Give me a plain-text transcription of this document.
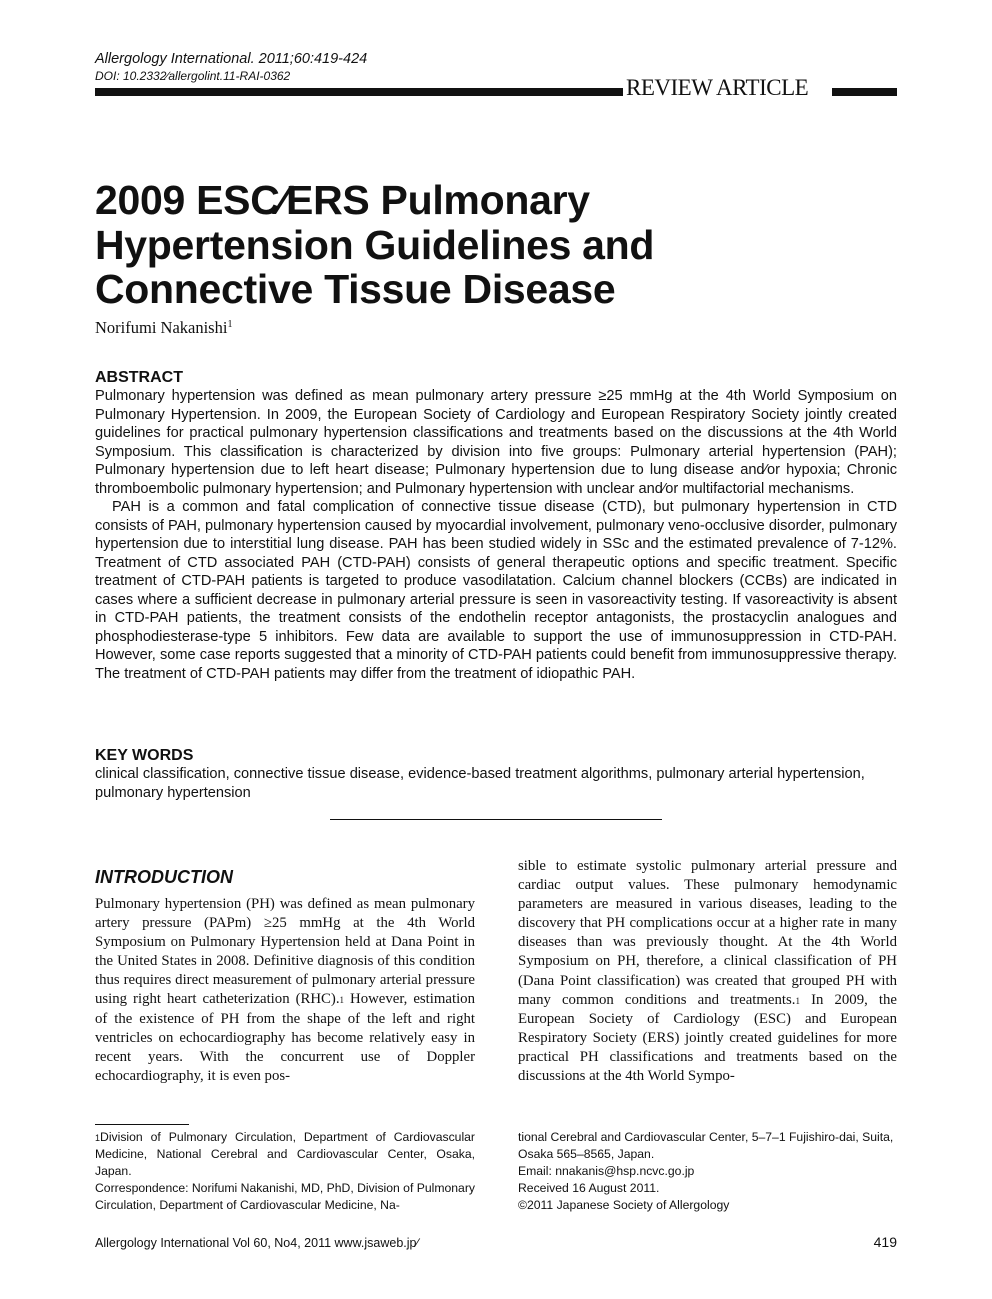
Allergology International. 2011;60:419-424
DOI: 10.2332∕allergolint.11-RAI-0362	REVIEW ARTICLE
2009 ESC∕ERS Pulmonary Hypertension Guidelines and Connective Tissue Disease
Norifumi Nakanishi$^1$
ABSTRACT

Pulmonary hypertension was defined as mean pulmonary artery pressure ≥25 mmHg at the 4th World Symposium on Pulmonary Hypertension. In 2009, the European Society of Cardiology and European Respiratory Society jointly created guidelines for practical pulmonary hypertension classifications and treatments based on the discussions at the 4th World Symposium. This classification is characterized by division into five groups: Pulmonary arterial hypertension (PAH); Pulmonary hypertension due to left heart disease; Pulmonary hypertension due to lung disease and∕or hypoxia; Chronic thromboembolic pulmonary hypertension; and Pulmonary hypertension with unclear and∕or multifactorial mechanisms.

PAH is a common and fatal complication of connective tissue disease (CTD), but pulmonary hypertension in CTD consists of PAH, pulmonary hypertension caused by myocardial involvement, pulmonary veno-occlusive disorder, pulmonary hypertension due to interstitial lung disease. PAH has been studied widely in SSc and the estimated prevalence of 7-12%. Treatment of CTD associated PAH (CTD-PAH) consists of general therapeutic options and specific treatment. Specific treatment of CTD-PAH patients is targeted to produce vasodilatation. Calcium channel blockers (CCBs) are indicated in cases where a sufficient decrease in pulmonary arterial pressure is seen in vasoreactivity testing. If vasoreactivity is absent in CTD-PAH patients, the treatment consists of the endothelin receptor antagonists, the prostacyclin analogues and phosphodiesterase-type 5 inhibitors. Few data are available to support the use of immunosuppression in CTD-PAH. However, some case reports suggested that a minority of CTD-PAH patients could benefit from immunosuppressive therapy. The treatment of CTD-PAH patients may differ from the treatment of idiopathic PAH.

KEY WORDS
clinical classification, connective tissue disease, evidence-based treatment algorithms, pulmonary arterial hypertension, pulmonary hypertension
INTRODUCTION

Pulmonary hypertension (PH) was defined as mean pulmonary artery pressure (PAPm) ≥25 mmHg at the 4th World Symposium on Pulmonary Hypertension held at Dana Point in the United States in 2008. Definitive diagnosis of this condition thus requires direct measurement of pulmonary arterial pressure using right heart catheterization (RHC).$^1$ However, estimation of the existence of PH from the shape of the left and right ventricles on echocardiography has become relatively easy in recent years. With the concurrent use of Doppler echocardiography, it is even pos-

sible to estimate systolic pulmonary arterial pressure and cardiac output values. These pulmonary hemodynamic parameters are measured in various diseases, leading to the discovery that PH complications occur at a higher rate in many diseases than was previously thought. At the 4th World Symposium on PH, therefore, a clinical classification of PH (Dana Point classification) was created that grouped PH with many common conditions and treatments.$^1$ In 2009, the European Society of Cardiology (ESC) and European Respiratory Society (ERS) jointly created guidelines for more practical PH classifications and treatments based on the discussions at the 4th World Sympo-

$^1$Division of Pulmonary Circulation, Department of Cardiovascular Medicine, National Cerebral and Cardiovascular Center, Osaka, Japan.

Correspondence: Norifumi Nakanishi, MD, PhD, Division of Pulmonary Circulation, Department of Cardiovascular Medicine, Na-

tional Cerebral and Cardiovascular Center, 5–7–1 Fujishiro-dai, Suita, Osaka 565–8565, Japan.

Email: nnakanis@hsp.ncvc.go.jp

Received 16 August 2011.

©2011 Japanese Society of Allergology

Allergology International Vol 60, No4, 2011 www.jsaweb.jp∕	419
